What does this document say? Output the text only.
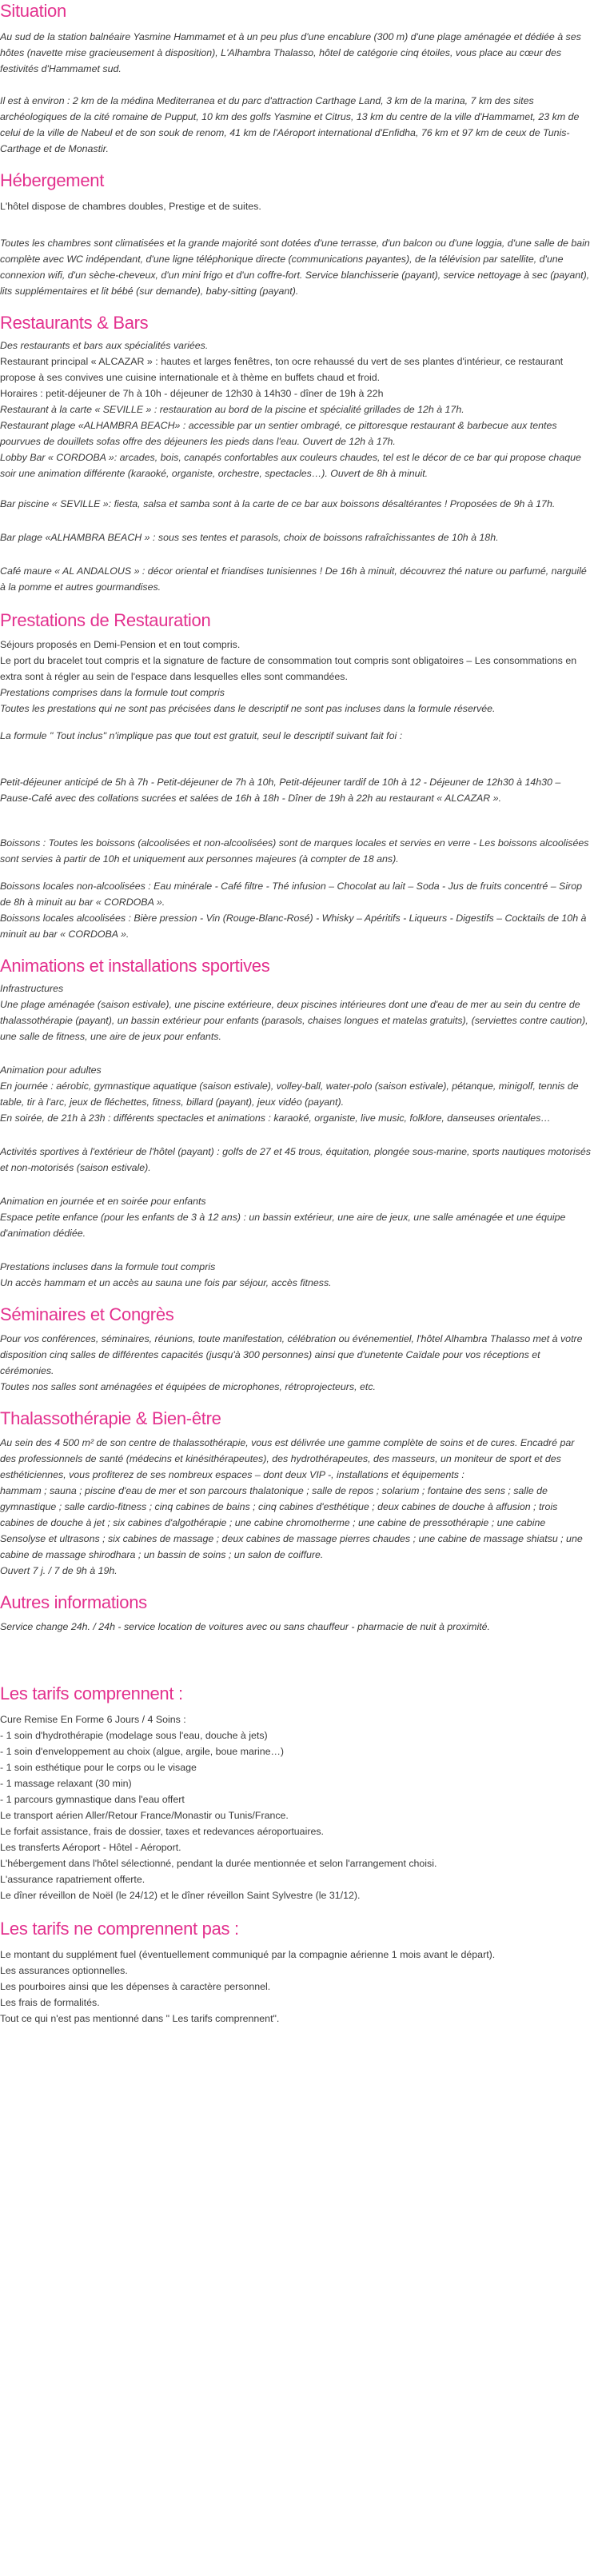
Situation

Au sud de la station balnéaire Yasmine Hammamet et à un peu plus d'une encablure (300 m) d'une plage aménagée et dédiée à ses hôtes (navette mise gracieusement à disposition), L'Alhambra Thalasso, hôtel de catégorie cinq étoiles, vous place au cœur des festivités d'Hammamet sud.

Il est à environ : 2 km de la médina Mediterranea et du parc d'attraction Carthage Land, 3 km de la marina, 7 km des sites archéologiques de la cité romaine de Pupput, 10 km des golfs Yasmine et Citrus, 13 km du centre de la ville d'Hammamet, 23 km de celui de la ville de Nabeul et de son souk de renom, 41 km de l'Aéroport international d'Enfidha, 76 km et 97 km de ceux de Tunis-Carthage et de Monastir.

Hébergement

L'hôtel dispose de chambres doubles, Prestige et de suites.

Toutes les chambres sont climatisées et la grande majorité sont dotées d'une terrasse, d'un balcon ou d'une loggia, d'une salle de bain complète avec WC indépendant, d'une ligne téléphonique directe (communications payantes), de la télévision par satellite, d'une connexion wifi, d'un sèche-cheveux, d'un mini frigo et d'un coffre-fort. Service blanchisserie (payant), service nettoyage à sec (payant), lits supplémentaires et lit bébé (sur demande), baby-sitting (payant).

Restaurants & Bars

Des restaurants et bars aux spécialités variées.

Restaurant principal « ALCAZAR » : hautes et larges fenêtres, ton ocre rehaussé du vert de ses plantes d'intérieur, ce restaurant propose à ses convives une cuisine internationale et à thème en buffets chaud et froid.

Horaires : petit-déjeuner de 7h à 10h - déjeuner de 12h30 à 14h30 - dîner de 19h à 22h

Restaurant à la carte « SEVILLE » : restauration au bord de la piscine et spécialité grillades de 12h à 17h.

Restaurant plage «ALHAMBRA BEACH» : accessible par un sentier ombragé, ce pittoresque restaurant & barbecue aux tentes pourvues de douillets sofas offre des déjeuners les pieds dans l'eau. Ouvert de 12h à 17h.

Lobby Bar « CORDOBA »: arcades, bois, canapés confortables aux couleurs chaudes, tel est le décor de ce bar qui propose chaque soir une animation différente (karaoké, organiste, orchestre, spectacles…). Ouvert de 8h à minuit.

Bar piscine « SEVILLE »: fiesta, salsa et samba sont à la carte de ce bar aux boissons désaltérantes ! Proposées de 9h à 17h.

Bar plage «ALHAMBRA BEACH » : sous ses tentes et parasols, choix de boissons rafraîchissantes de 10h à 18h.

Café maure « AL ANDALOUS » : décor oriental et friandises tunisiennes ! De 16h à minuit, découvrez thé nature ou parfumé, narguilé à la pomme et autres gourmandises.

Prestations de Restauration

Séjours proposés en Demi-Pension et en tout compris.

Le port du bracelet tout compris et la signature de facture de consommation tout compris sont obligatoires – Les consommations en extra sont à régler au sein de l'espace dans lesquelles elles sont commandées.

Prestations comprises dans la formule tout compris

Toutes les prestations qui ne sont pas précisées dans le descriptif ne sont pas incluses dans la formule réservée.

La formule " Tout inclus" n'implique pas que tout est gratuit, seul le descriptif suivant fait foi :

Petit-déjeuner anticipé de 5h à 7h - Petit-déjeuner de 7h à 10h, Petit-déjeuner tardif de 10h à 12 - Déjeuner de 12h30 à 14h30 – Pause-Café avec des collations sucrées et salées de 16h à 18h - Dîner de 19h à 22h au restaurant « ALCAZAR ».

Boissons : Toutes les boissons (alcoolisées et non-alcoolisées) sont de marques locales et servies en verre - Les boissons alcoolisées sont servies à partir de 10h et uniquement aux personnes majeures (à compter de 18 ans).

Boissons locales non-alcoolisées : Eau minérale - Café filtre - Thé infusion – Chocolat au lait – Soda - Jus de fruits concentré – Sirop de 8h à minuit au bar « CORDOBA ».

Boissons locales alcoolisées : Bière pression - Vin (Rouge-Blanc-Rosé) - Whisky – Apéritifs - Liqueurs - Digestifs – Cocktails de 10h à minuit au bar « CORDOBA ».

Animations et installations sportives

Infrastructures

Une plage aménagée (saison estivale), une piscine extérieure, deux piscines intérieures dont une d'eau de mer au sein du centre de thalassothérapie (payant), un bassin extérieur pour enfants (parasols, chaises longues et matelas gratuits), (serviettes contre caution), une salle de fitness, une aire de jeux pour enfants.

Animation pour adultes

En journée : aérobic, gymnastique aquatique (saison estivale), volley-ball, water-polo (saison estivale), pétanque, minigolf, tennis de table, tir à l'arc, jeux de fléchettes, fitness, billard (payant), jeux vidéo (payant).

En soirée, de 21h à 23h : différents spectacles et animations : karaoké, organiste, live music, folklore, danseuses orientales…

Activités sportives à l'extérieur de l'hôtel (payant) : golfs de 27 et 45 trous, équitation, plongée sous-marine, sports nautiques motorisés et non-motorisés (saison estivale).

Animation en journée et en soirée pour enfants

Espace petite enfance (pour les enfants de 3 à 12 ans) : un bassin extérieur, une aire de jeux, une salle aménagée et une équipe d'animation dédiée.

Prestations incluses dans la formule tout compris

Un accès hammam et un accès au sauna une fois par séjour, accès fitness.

Séminaires et Congrès

Pour vos conférences, séminaires, réunions, toute manifestation, célébration ou événementiel, l'hôtel Alhambra Thalasso met à votre disposition cinq salles de différentes capacités (jusqu'à 300 personnes) ainsi que d'unetente Caïdale pour vos réceptions et cérémonies.

Toutes nos salles sont aménagées et équipées de microphones, rétroprojecteurs, etc.

Thalassothérapie & Bien-être

Au sein des 4 500 m² de son centre de thalassothérapie, vous est délivrée une gamme complète de soins et de cures. Encadré par des professionnels de santé (médecins et kinésithérapeutes), des hydrothérapeutes, des masseurs, un moniteur de sport et des esthéticiennes, vous profiterez de ses nombreux espaces – dont deux VIP -, installations et équipements :

hammam ; sauna ; piscine d'eau de mer et son parcours thalatonique ; salle de repos ; solarium ; fontaine des sens ; salle de gymnastique ; salle cardio-fitness ; cinq cabines de bains ; cinq cabines d'esthétique ; deux cabines de douche à affusion ; trois cabines de douche à jet ; six cabines d'algothérapie ; une cabine chromotherme ; une cabine de pressothérapie ; une cabine Sensolyse et ultrasons ; six cabines de massage ; deux cabines de massage pierres chaudes ; une cabine de massage shiatsu ; une cabine de massage shirodhara ; un bassin de soins ; un salon de coiffure.

Ouvert 7 j. / 7 de 9h à 19h.

Autres informations

Service change 24h. / 24h - service location de voitures avec ou sans chauffeur - pharmacie de nuit à proximité.

Les tarifs comprennent :

Cure Remise En Forme 6 Jours / 4 Soins :

- 1 soin d'hydrothérapie (modelage sous l'eau, douche à jets)

- 1 soin d'enveloppement au choix (algue, argile, boue marine…)

- 1 soin esthétique pour le corps ou le visage

- 1 massage relaxant (30 min)

- 1 parcours gymnastique dans l'eau offert

Le transport aérien Aller/Retour France/Monastir ou Tunis/France.

Le forfait assistance, frais de dossier, taxes et redevances aéroportuaires.

Les transferts Aéroport - Hôtel - Aéroport.

L'hébergement dans l'hôtel sélectionné, pendant la durée mentionnée et selon l'arrangement choisi.

L'assurance rapatriement offerte.

Le dîner réveillon de Noël (le 24/12) et le dîner réveillon Saint Sylvestre (le 31/12).

Les tarifs ne comprennent pas :

Le montant du supplément fuel (éventuellement communiqué par la compagnie aérienne 1 mois avant le départ).

Les assurances optionnelles.

Les pourboires ainsi que les dépenses à caractère personnel.

Les frais de formalités.

Tout ce qui n'est pas mentionné dans " Les tarifs comprennent".
